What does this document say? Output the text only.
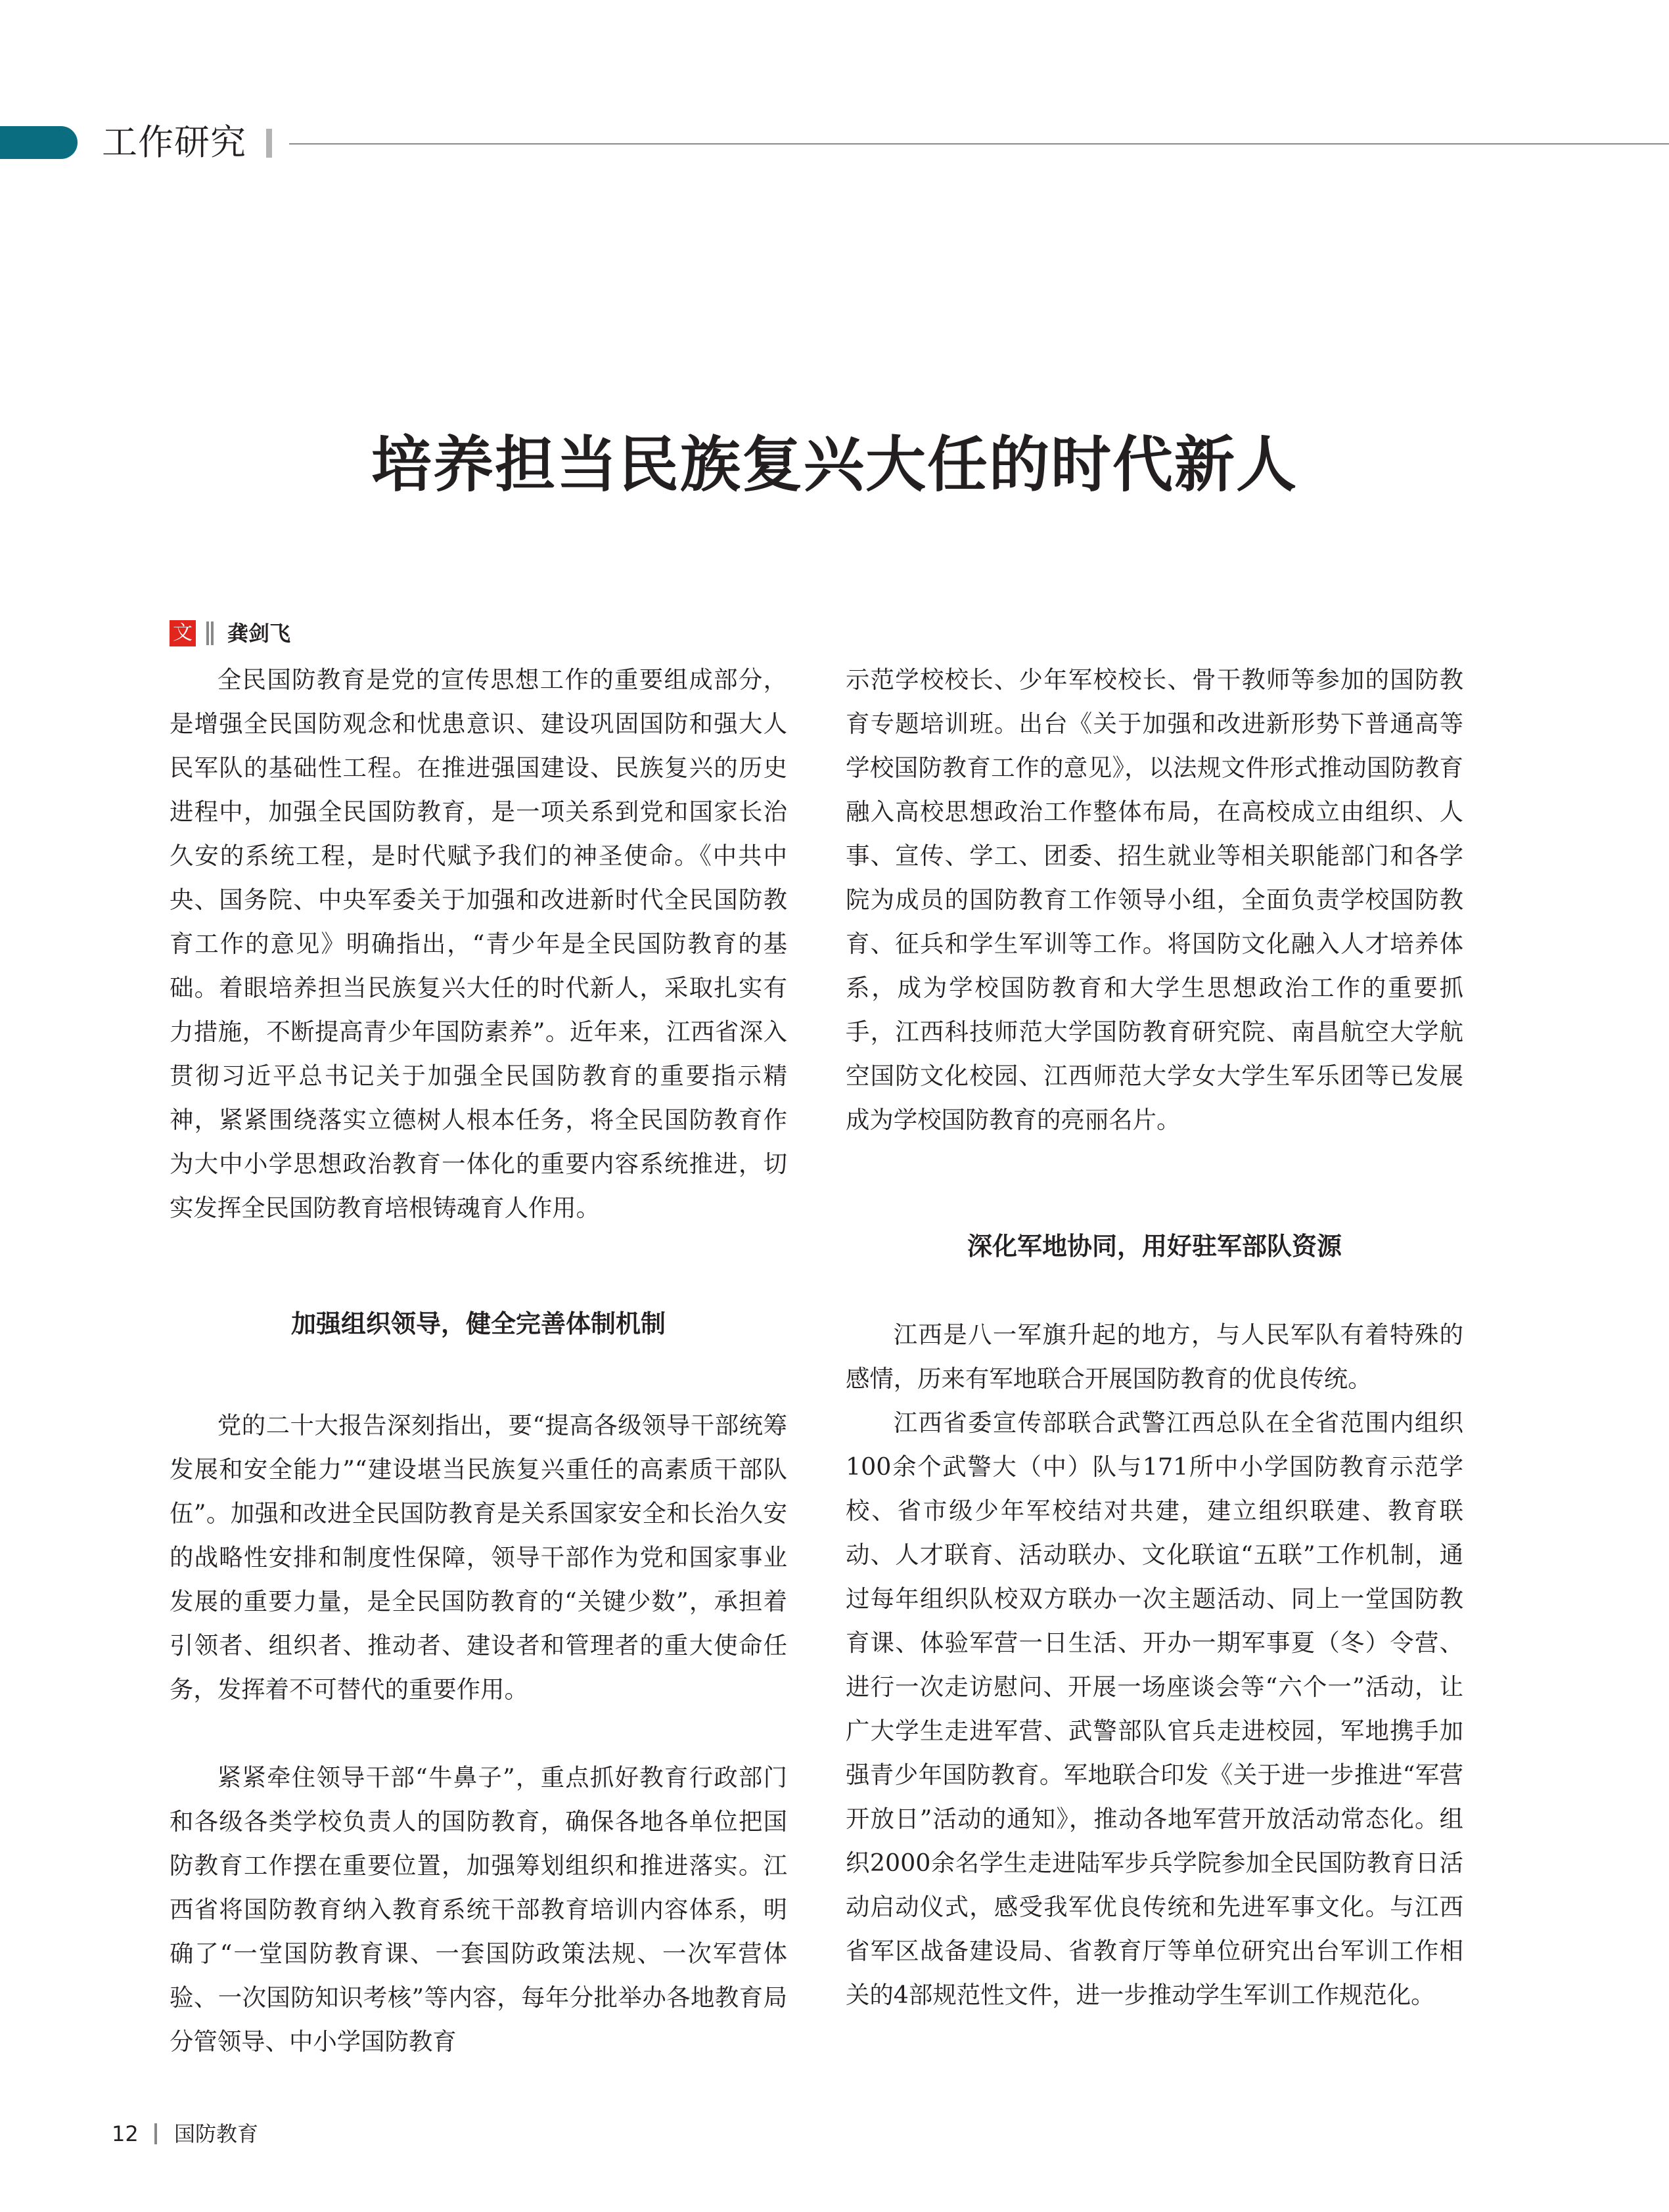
工作研究
培养担当民族复兴大任的时代新人
文 龚剑飞

全民国防教育是党的宣传思想工作的重要组成部分，是增强全民国防观念和忧患意识、建设巩固国防和强大人民军队的基础性工程。在推进强国建设、民族复兴的历史进程中，加强全民国防教育，是一项关系到党和国家长治久安的系统工程，是时代赋予我们的神圣使命。《中共中央、国务院、中央军委关于加强和改进新时代全民国防教育工作的意见》明确指出，“青少年是全民国防教育的基础。着眼培养担当民族复兴大任的时代新人，采取扎实有力措施，不断提高青少年国防素养”。近年来，江西省深入贯彻习近平总书记关于加强全民国防教育的重要指示精神，紧紧围绕落实立德树人根本任务，将全民国防教育作为大中小学思想政治教育一体化的重要内容系统推进，切实发挥全民国防教育培根铸魂育人作用。

加强组织领导，健全完善体制机制

党的二十大报告深刻指出，要“提高各级领导干部统筹发展和安全能力”“建设堪当民族复兴重任的高素质干部队伍”。加强和改进全民国防教育是关系国家安全和长治久安的战略性安排和制度性保障，领导干部作为党和国家事业发展的重要力量，是全民国防教育的“关键少数”，承担着引领者、组织者、推动者、建设者和管理者的重大使命任务，发挥着不可替代的重要作用。

紧紧牵住领导干部“牛鼻子”，重点抓好教育行政部门和各级各类学校负责人的国防教育，确保各地各单位把国防教育工作摆在重要位置，加强筹划组织和推进落实。江西省将国防教育纳入教育系统干部教育培训内容体系，明确了“一堂国防教育课、一套国防政策法规、一次军营体验、一次国防知识考核”等内容，每年分批举办各地教育局分管领导、中小学国防教育

示范学校校长、少年军校校长、骨干教师等参加的国防教育专题培训班。出台《关于加强和改进新形势下普通高等学校国防教育工作的意见》，以法规文件形式推动国防教育融入高校思想政治工作整体布局，在高校成立由组织、人事、宣传、学工、团委、招生就业等相关职能部门和各学院为成员的国防教育工作领导小组，全面负责学校国防教育、征兵和学生军训等工作。将国防文化融入人才培养体系，成为学校国防教育和大学生思想政治工作的重要抓手，江西科技师范大学国防教育研究院、南昌航空大学航空国防文化校园、江西师范大学女大学生军乐团等已发展成为学校国防教育的亮丽名片。

深化军地协同，用好驻军部队资源

江西是八一军旗升起的地方，与人民军队有着特殊的感情，历来有军地联合开展国防教育的优良传统。

江西省委宣传部联合武警江西总队在全省范围内组织100余个武警大（中）队与171所中小学国防教育示范学校、省市级少年军校结对共建，建立组织联建、教育联动、人才联育、活动联办、文化联谊“五联”工作机制，通过每年组织队校双方联办一次主题活动、同上一堂国防教育课、体验军营一日生活、开办一期军事夏（冬）令营、进行一次走访慰问、开展一场座谈会等“六个一”活动，让广大学生走进军营、武警部队官兵走进校园，军地携手加强青少年国防教育。军地联合印发《关于进一步推进“军营开放日”活动的通知》，推动各地军营开放活动常态化。组织2000余名学生走进陆军步兵学院参加全民国防教育日活动启动仪式，感受我军优良传统和先进军事文化。与江西省军区战备建设局、省教育厅等单位研究出台军训工作相关的4部规范性文件，进一步推动学生军训工作规范化。

12 国防教育
